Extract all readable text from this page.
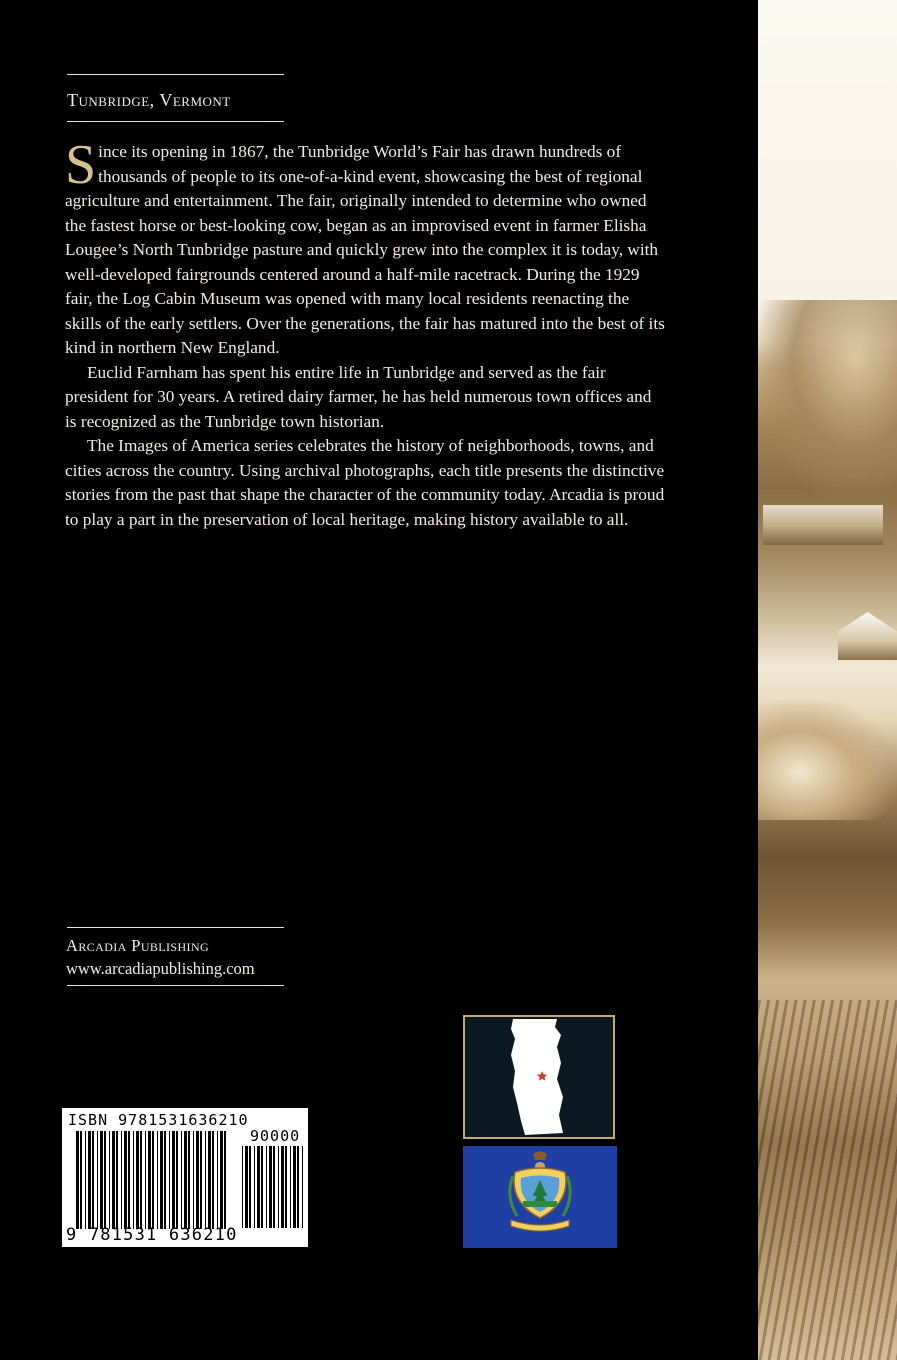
Tunbridge, Vermont

Since its opening in 1867, the Tunbridge World’s Fair has drawn hundreds of thousands of people to its one-of-a-kind event, showcasing the best of regional agriculture and entertainment. The fair, originally intended to determine who owned the fastest horse or best-looking cow, began as an improvised event in farmer Elisha Lougee’s North Tunbridge pasture and quickly grew into the complex it is today, with well-developed fairgrounds centered around a half-mile racetrack. During the 1929 fair, the Log Cabin Museum was opened with many local residents reenacting the skills of the early settlers. Over the generations, the fair has matured into the best of its kind in northern New England.

Euclid Farnham has spent his entire life in Tunbridge and served as the fair president for 30 years. A retired dairy farmer, he has held numerous town offices and is recognized as the Tunbridge town historian.

The Images of America series celebrates the history of neighborhoods, towns, and cities across the country. Using archival photographs, each title presents the distinctive stories from the past that shape the character of the community today. Arcadia is proud to play a part in the preservation of local heritage, making history available to all.

Arcadia Publishing
www.arcadiapublishing.com
ISBN 9781531636210
90000
9 781531 636210
